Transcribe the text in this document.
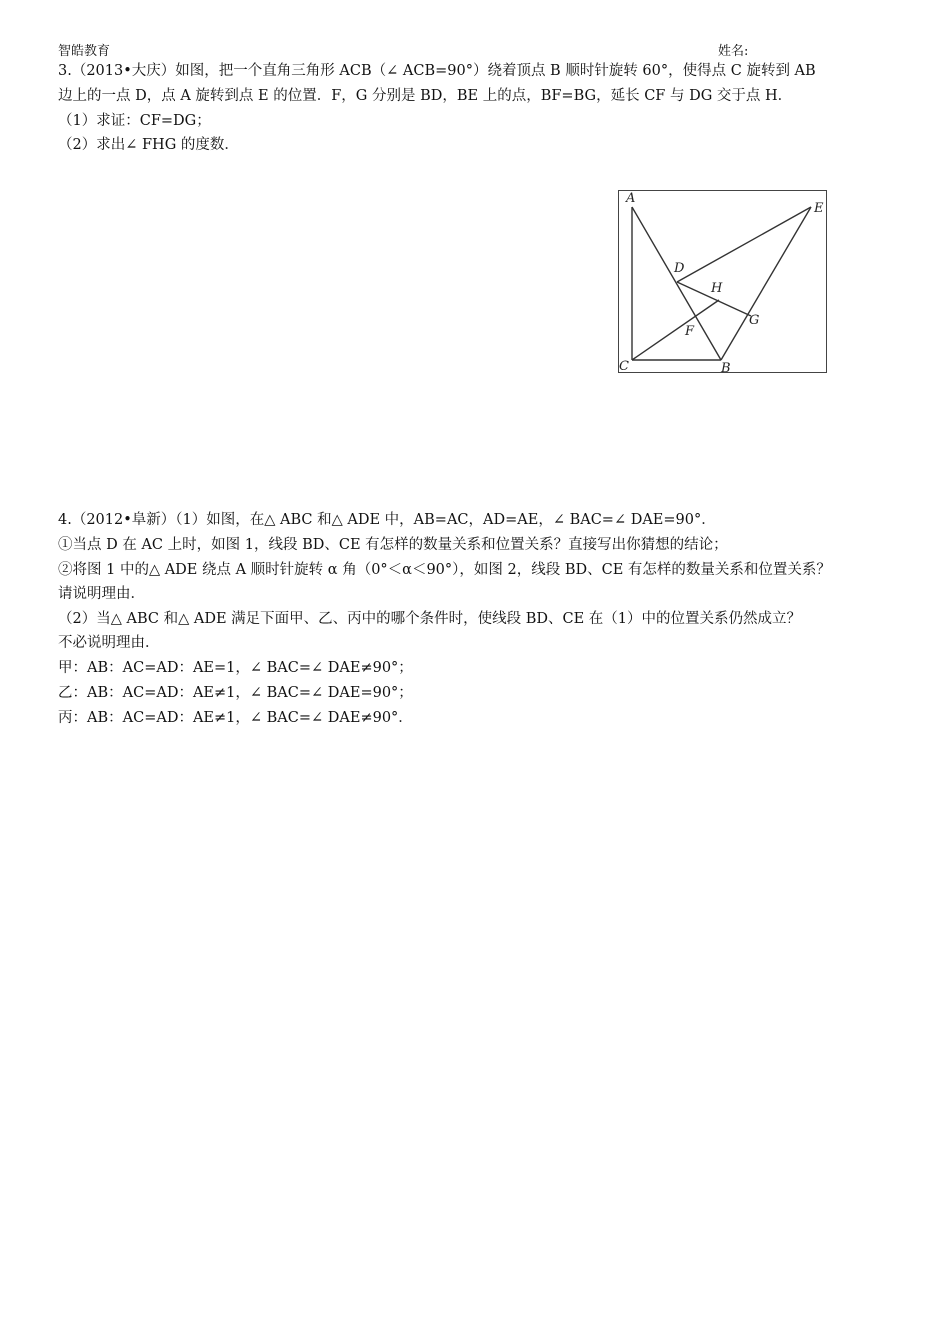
智皓教育	姓名:
3.（2013•大庆）如图，把一个直角三角形 ACB（∠ ACB=90°）绕着顶点 B 顺时针旋转 60°，使得点 C 旋转到 AB
边上的一点 D，点 A 旋转到点 E 的位置．F，G 分别是 BD，BE 上的点，BF=BG，延长 CF 与 DG 交于点 H．
（1）求证：CF=DG；
（2）求出∠ FHG 的度数．
A
C	B
E
D
H
G
F
4.（2012•阜新）（1）如图，在△ ABC 和△ ADE 中，AB=AC，AD=AE，∠ BAC=∠ DAE=90°．
①当点 D 在 AC 上时，如图 1，线段 BD、CE 有怎样的数量关系和位置关系？直接写出你猜想的结论；
②将图 1 中的△ ADE 绕点 A 顺时针旋转 α 角（0°＜α＜90°），如图 2，线段 BD、CE 有怎样的数量关系和位置关系？
请说明理由．
（2）当△ ABC 和△ ADE 满足下面甲、乙、丙中的哪个条件时，使线段 BD、CE 在（1）中的位置关系仍然成立？
不必说明理由．
甲：AB：AC=AD：AE=1，∠ BAC=∠ DAE≠90°；
乙：AB：AC=AD：AE≠1，∠ BAC=∠ DAE=90°；
丙：AB：AC=AD：AE≠1，∠ BAC=∠ DAE≠90°．
